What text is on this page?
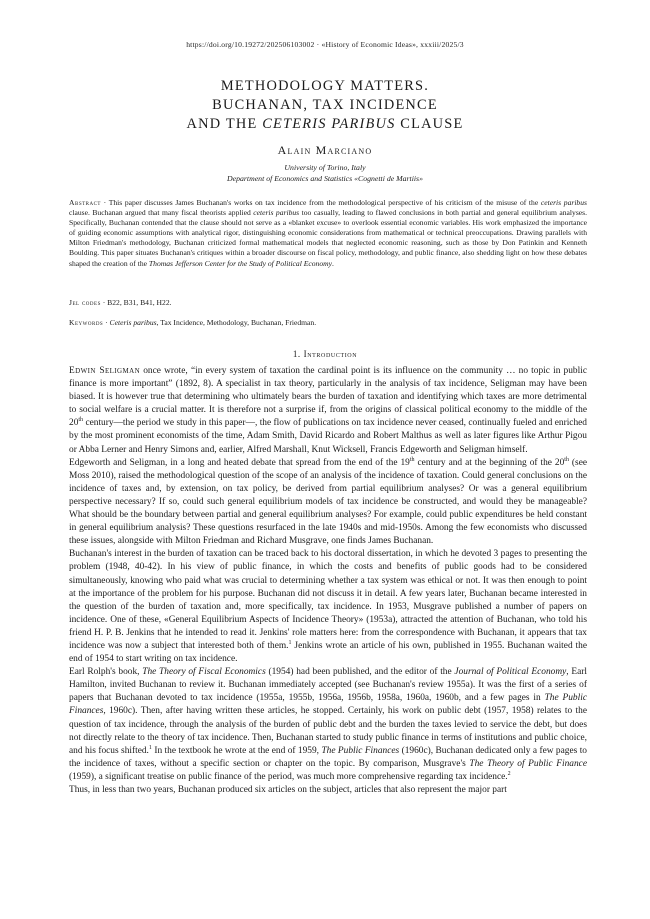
https://doi.org/10.19272/202506103002 · «History of Economic Ideas», xxxiii/2025/3
METHODOLOGY MATTERS.
BUCHANAN, TAX INCIDENCE
AND THE CETERIS PARIBUS CLAUSE
Alain Marciano
University of Torino, Italy
Department of Economics and Statistics «Cognetti de Martiis»
Abstract · This paper discusses James Buchanan's works on tax incidence from the methodological perspective of his criticism of the misuse of the ceteris paribus clause. Buchanan argued that many fiscal theorists applied ceteris paribus too casually, leading to flawed conclusions in both partial and general equilibrium analyses. Specifically, Buchanan contended that the clause should not serve as a «blanket excuse» to overlook essential economic variables. His work emphasized the importance of guiding economic assumptions with analytical rigor, distinguishing economic considerations from mathematical or technical preoccupations. Drawing parallels with Milton Friedman's methodology, Buchanan criticized formal mathematical models that neglected economic reasoning, such as those by Don Patinkin and Kenneth Boulding. This paper situates Buchanan's critiques within a broader discourse on fiscal policy, methodology, and public finance, also shedding light on how these debates shaped the creation of the Thomas Jefferson Center for the Study of Political Economy.
Jel codes · B22, B31, B41, H22.
Keywords · Ceteris paribus, Tax Incidence, Methodology, Buchanan, Friedman.
1. Introduction

Edwin Seligman once wrote, “in every system of taxation the cardinal point is its influence on the community … no topic in public finance is more important” (1892, 8). A specialist in tax theory, particularly in the analysis of tax incidence, Seligman may have been biased. It is however true that determining who ultimately bears the burden of taxation and identifying which taxes are more detrimental to social welfare is a crucial matter. It is therefore not a surprise if, from the origins of classical political economy to the middle of the 20th century—the period we study in this paper—, the flow of publications on tax incidence never ceased, continually fueled and enriched by the most prominent economists of the time, Adam Smith, David Ricardo and Robert Malthus as well as later figures like Arthur Pigou or Abba Lerner and Henry Simons and, earlier, Alfred Marshall, Knut Wicksell, Francis Edgeworth and Seligman himself.

Edgeworth and Seligman, in a long and heated debate that spread from the end of the 19th century and at the beginning of the 20th (see Moss 2010), raised the methodological question of the scope of an analysis of the incidence of taxation. Could general conclusions on the incidence of taxes and, by extension, on tax policy, be derived from partial equilibrium analyses? Or was a general equilibrium perspective necessary? If so, could such general equilibrium models of tax incidence be constructed, and would they be manageable? What should be the boundary between partial and general equilibrium analyses? For example, could public expenditures be held constant in general equilibrium analysis? These questions resurfaced in the late 1940s and mid-1950s. Among the few economists who discussed these issues, alongside with Milton Friedman and Richard Musgrave, one finds James Buchanan.

Buchanan's interest in the burden of taxation can be traced back to his doctoral dissertation, in which he devoted 3 pages to presenting the problem (1948, 40-42). In his view of public finance, in which the costs and benefits of public goods had to be considered simultaneously, knowing who paid what was crucial to determining whether a tax system was ethical or not. It was then enough to point at the importance of the problem for his purpose. Buchanan did not discuss it in detail. A few years later, Buchanan became interested in the question of the burden of taxation and, more specifically, tax incidence. In 1953, Musgrave published a number of papers on incidence. One of these, «General Equilibrium Aspects of Incidence Theory» (1953a), attracted the attention of Buchanan, who told his friend H. P. B. Jenkins that he intended to read it. Jenkins' role matters here: from the correspondence with Buchanan, it appears that tax incidence was now a subject that interested both of them.$^1$ Jenkins wrote an article of his own, published in 1955. Buchanan waited the end of 1954 to start writing on tax incidence.

Earl Rolph's book, The Theory of Fiscal Economics (1954) had been published, and the editor of the Journal of Political Economy, Earl Hamilton, invited Buchanan to review it. Buchanan immediately accepted (see Buchanan's review 1955a). It was the first of a series of papers that Buchanan devoted to tax incidence (1955a, 1955b, 1956a, 1956b, 1958a, 1960a, 1960b, and a few pages in The Public Finances, 1960c). Then, after having written these articles, he stopped. Certainly, his work on public debt (1957, 1958) relates to the question of tax incidence, through the analysis of the burden of public debt and the burden the taxes levied to service the debt, but does not directly relate to the theory of tax incidence. Then, Buchanan started to study public finance in terms of institutions and public choice, and his focus shifted.$^1$ In the textbook he wrote at the end of 1959, The Public Finances (1960c), Buchanan dedicated only a few pages to the incidence of taxes, without a specific section or chapter on the topic. By comparison, Musgrave's The Theory of Public Finance (1959), a significant treatise on public finance of the period, was much more comprehensive regarding tax incidence.$^2$

Thus, in less than two years, Buchanan produced six articles on the subject, articles that also represent the major part
